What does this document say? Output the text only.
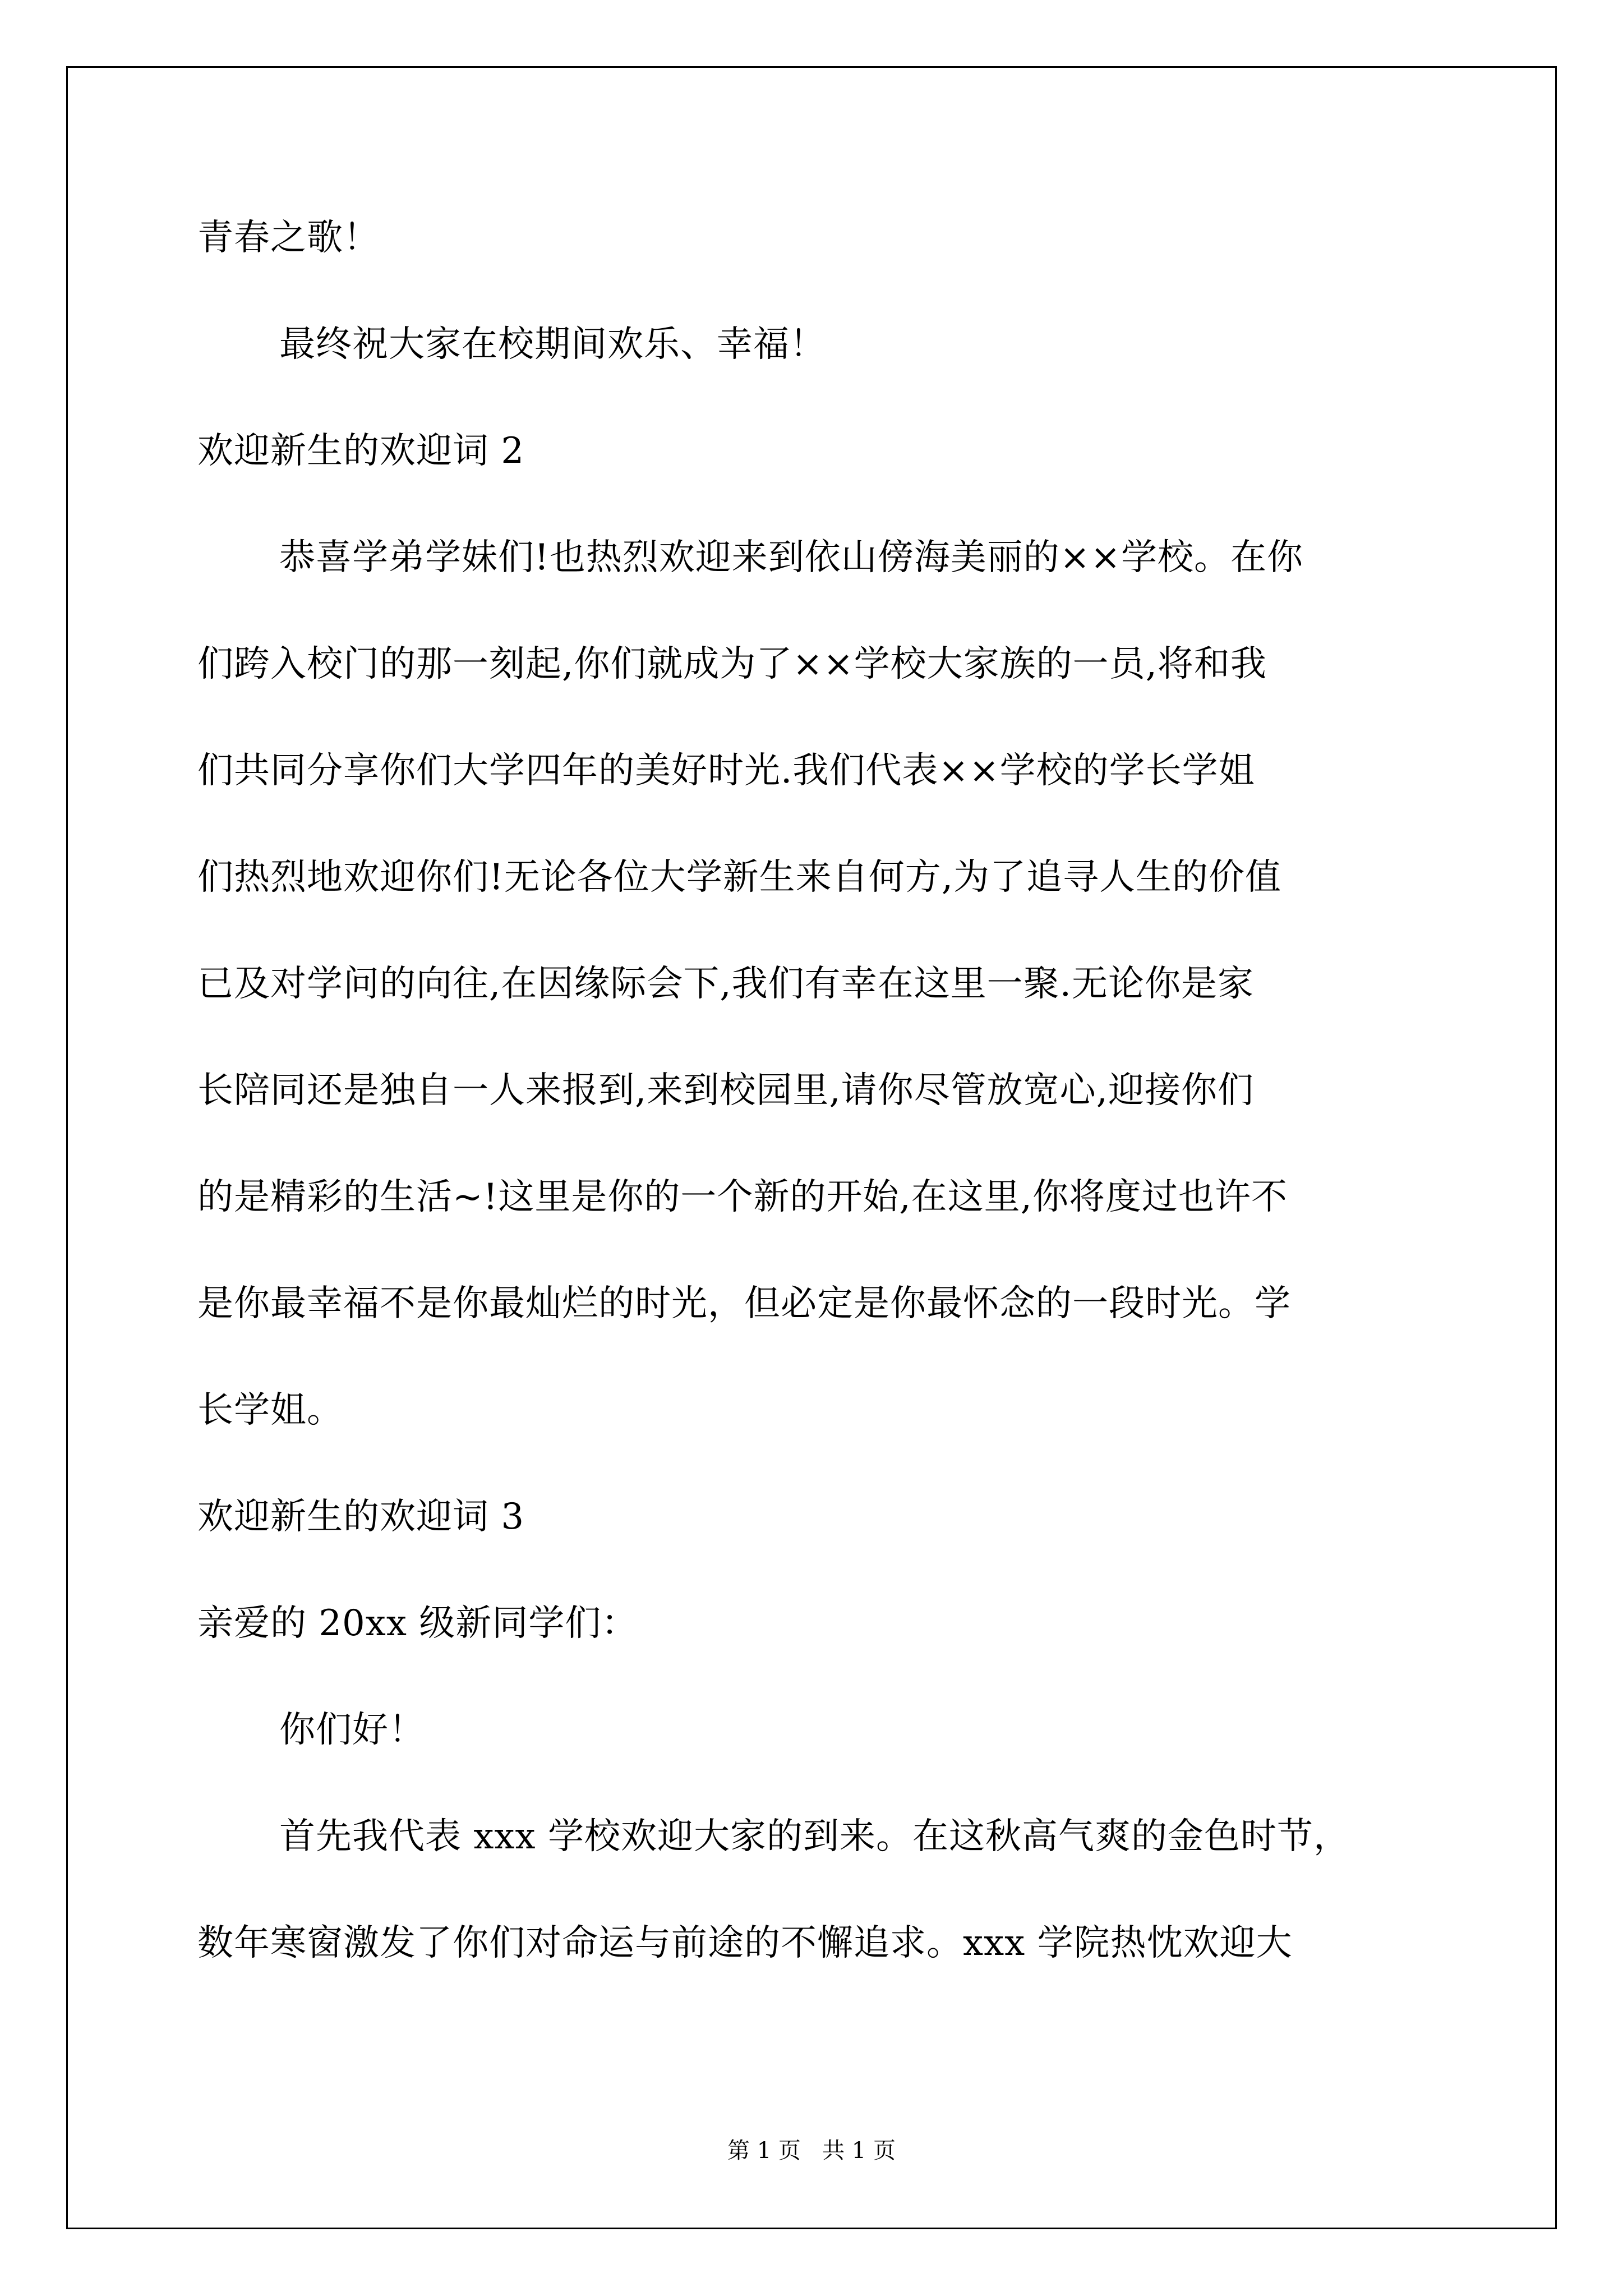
青春之歌！
最终祝大家在校期间欢乐、幸福！
欢迎新生的欢迎词 2
恭喜学弟学妹们!也热烈欢迎来到依山傍海美丽的××学校。在你
们跨入校门的那一刻起,你们就成为了××学校大家族的一员,将和我
们共同分享你们大学四年的美好时光.我们代表××学校的学长学姐
们热烈地欢迎你们!无论各位大学新生来自何方,为了追寻人生的价值
已及对学问的向往,在因缘际会下,我们有幸在这里一聚.无论你是家
长陪同还是独自一人来报到,来到校园里,请你尽管放宽心,迎接你们
的是精彩的生活~!这里是你的一个新的开始,在这里,你将度过也许不
是你最幸福不是你最灿烂的时光，但必定是你最怀念的一段时光。学
长学姐。
欢迎新生的欢迎词 3
亲爱的 20xx 级新同学们：
你们好！
首先我代表 xxx 学校欢迎大家的到来。在这秋高气爽的金色时节，
数年寒窗激发了你们对命运与前途的不懈追求。xxx 学院热忱欢迎大
第 1 页   共 1 页
